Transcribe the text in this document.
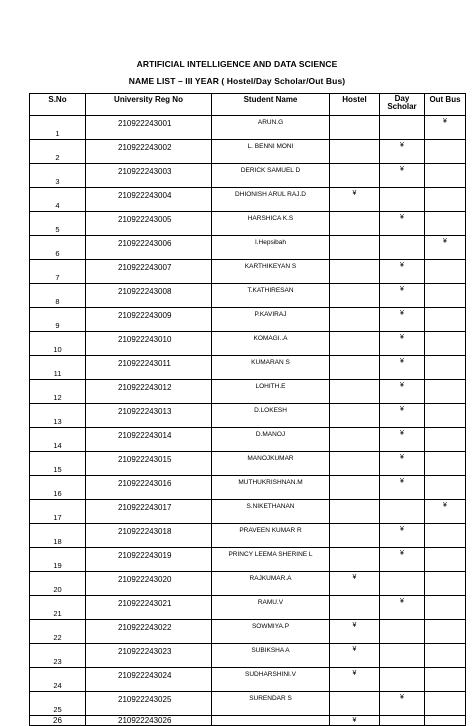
ARTIFICIAL INTELLIGENCE AND DATA SCIENCE
NAME LIST – III YEAR ( Hostel/Day Scholar/Out Bus)
S.No	University Reg No	Student Name	Hostel	Day Scholar	Out Bus
1	210922243001	ARUN.G			¥
2	210922243002	L. BENNI MONI		¥	
3	210922243003	DERICK SAMUEL D		¥	
4	210922243004	DHIONISH ARUL RAJ.D	¥		
5	210922243005	HARSHICA K.S		¥	
6	210922243006	I.Hepsibah			¥
7	210922243007	KARTHIKEYAN S		¥	
8	210922243008	T.KATHIRESAN		¥	
9	210922243009	P.KAVIRAJ		¥	
10	210922243010	KOMAGI..A		¥	
11	210922243011	KUMARAN S		¥	
12	210922243012	LOHITH.E		¥	
13	210922243013	D.LOKESH		¥	
14	210922243014	D.MANOJ		¥	
15	210922243015	MANOJKUMAR		¥	
16	210922243016	MUTHUKRISHNAN.M		¥	
17	210922243017	S.NIKETHANAN			¥
18	210922243018	PRAVEEN KUMAR R		¥	
19	210922243019	PRINCY LEEMA SHERINE L		¥	
20	210922243020	RAJKUMAR.A	¥		
21	210922243021	RAMU.V		¥	
22	210922243022	SOWMIYA.P	¥		
23	210922243023	SUBIKSHA A	¥		
24	210922243024	SUDHARSHINI.V	¥		
25	210922243025	SURENDAR S		¥	
26	210922243026		¥		
